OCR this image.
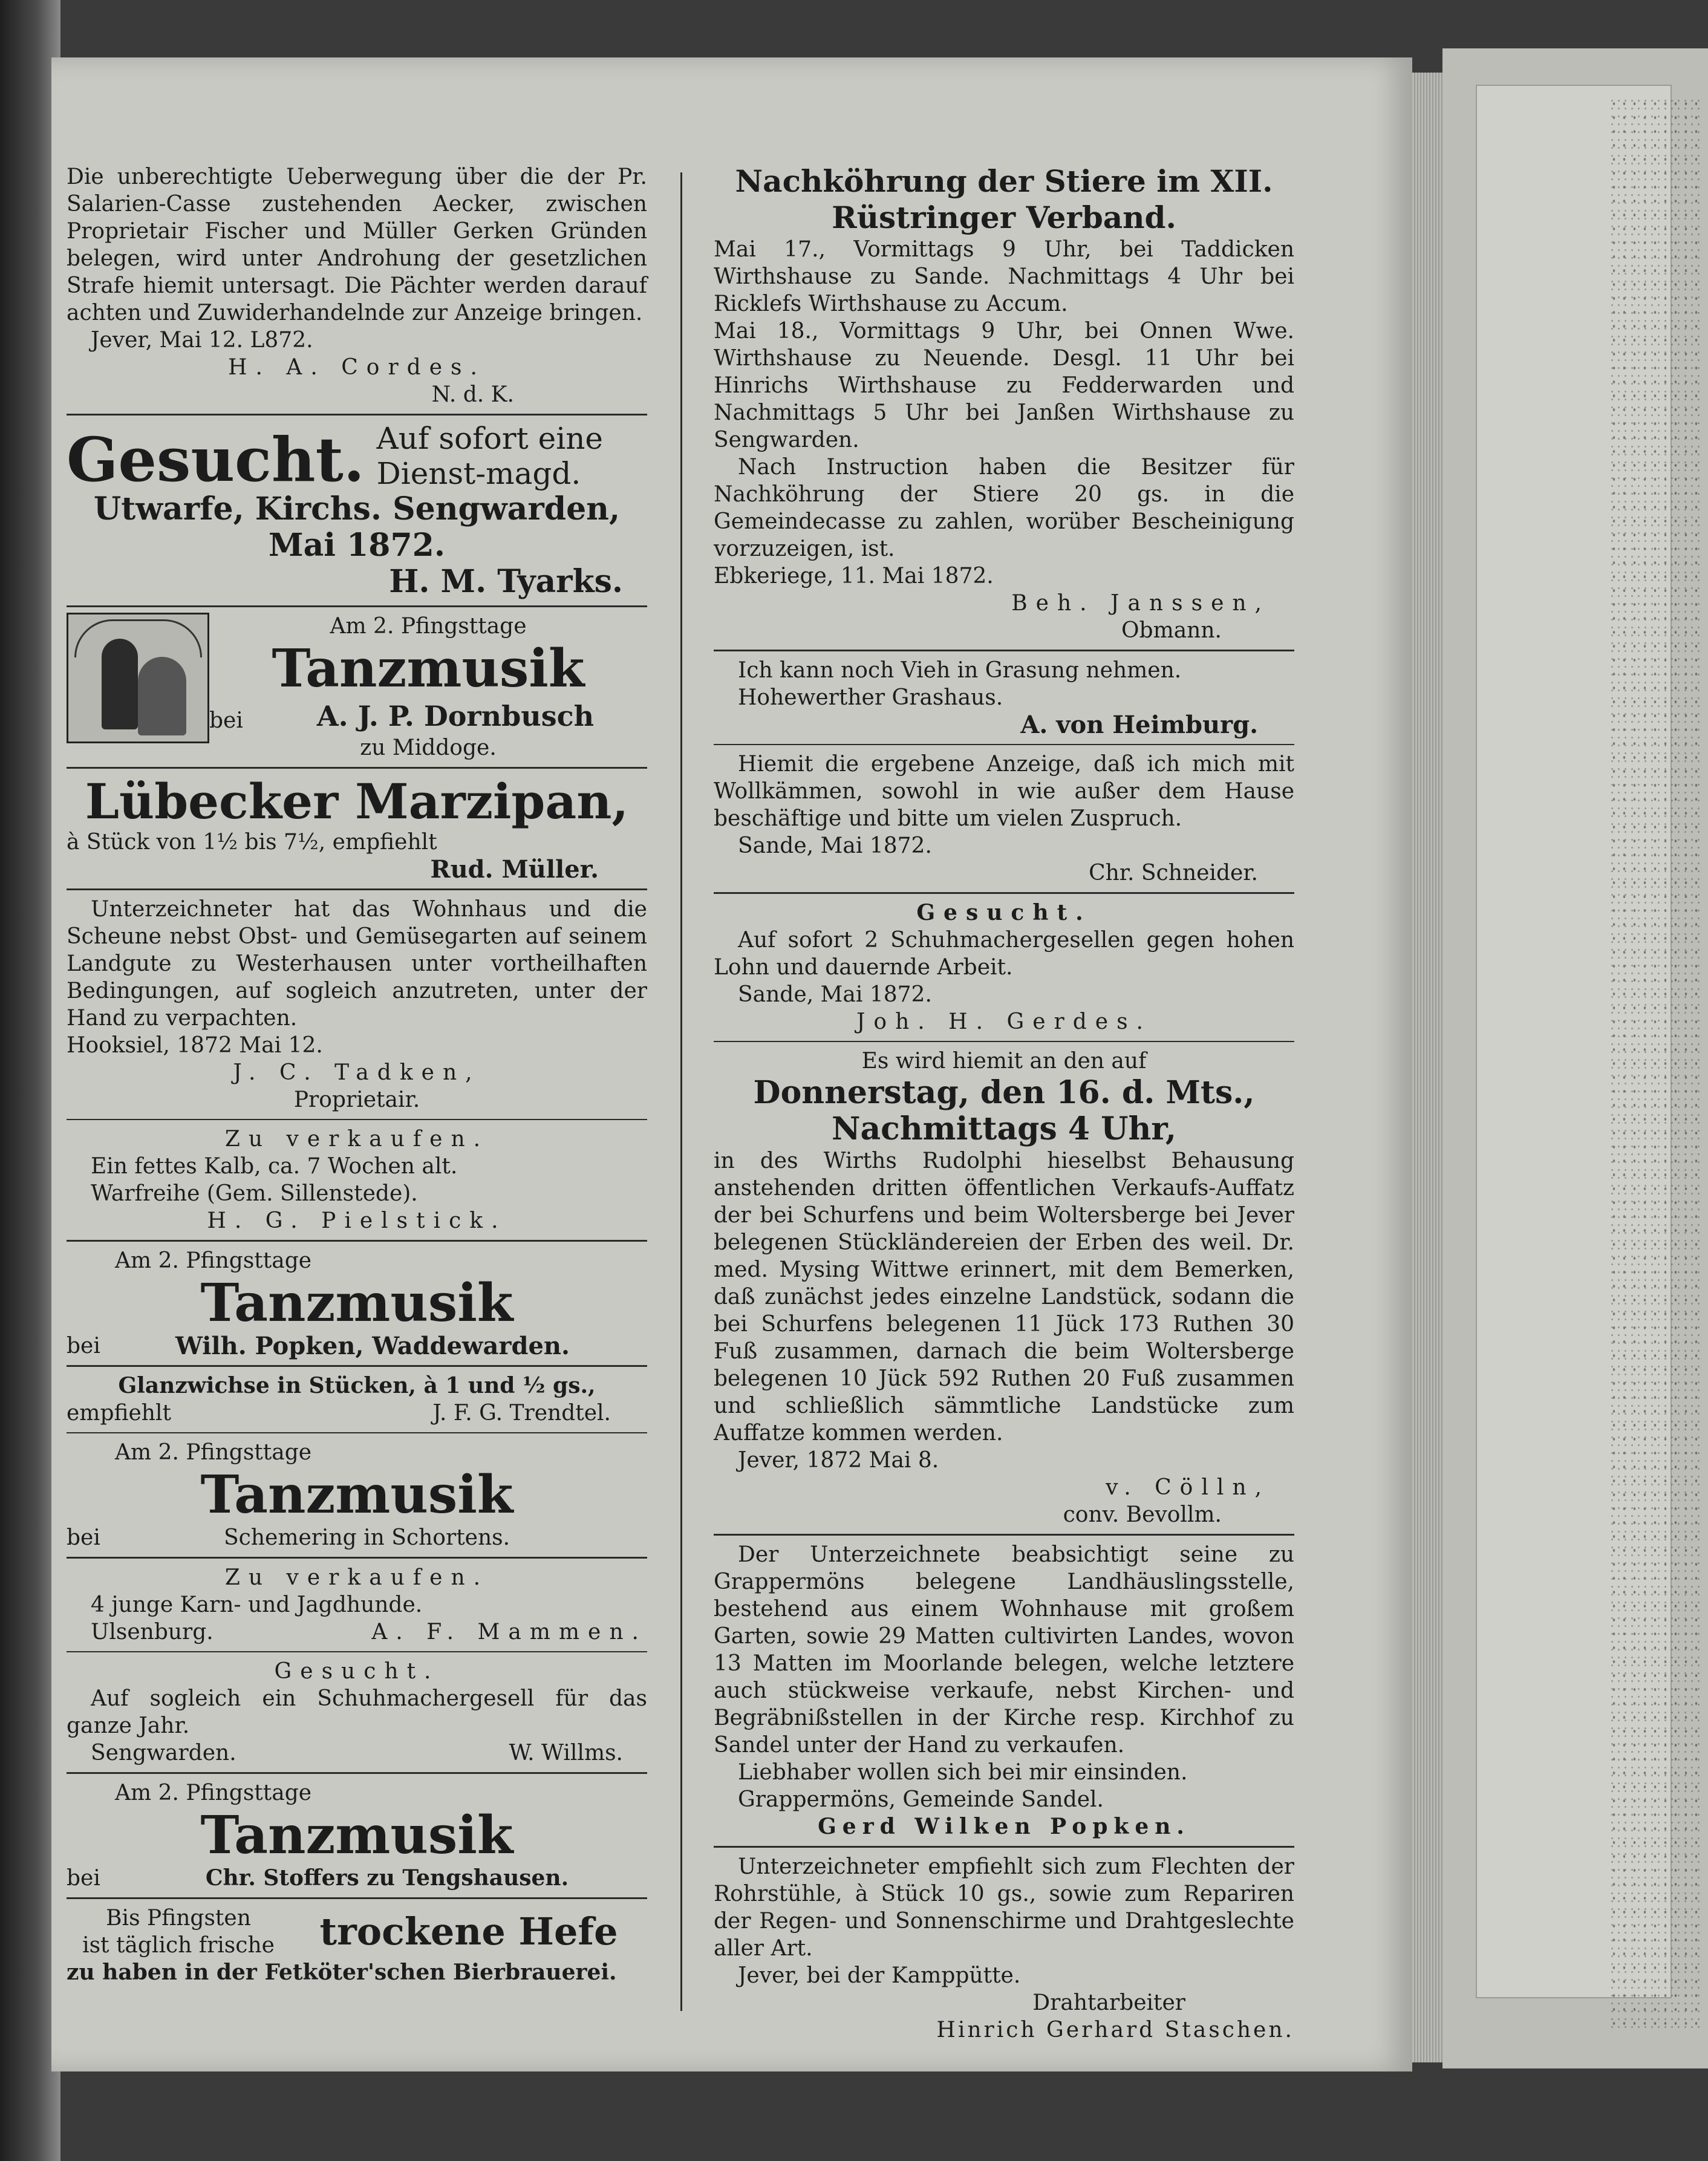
Die unberechtigte Ueberwegung über die der Pr. Salarien-Casse zustehenden Aecker, zwischen Proprietair Fischer und Müller Gerken Gründen belegen, wird unter Androhung der gesetzlichen Strafe hiemit untersagt. Die Pächter werden darauf achten und Zuwiderhandelnde zur Anzeige bringen.

Jever, Mai 12. L872.

H. A. Cordes.

N. d. K.

Gesucht. Auf sofort eine Dienst-magd.

Utwarfe, Kirchs. Sengwarden,

Mai 1872.

H. M. Tyarks.

Am 2. Pfingsttage

Tanzmusik

bei	A. J. P. Dornbusch

zu Middoge.

Lübecker Marzipan,

à Stück von 1½ bis 7½, empfiehlt

Rud. Müller.

Unterzeichneter hat das Wohnhaus und die Scheune nebst Obst- und Gemüsegarten auf seinem Landgute zu Westerhausen unter vortheilhaften Bedingungen, auf sogleich anzutreten, unter der Hand zu verpachten.

Hooksiel, 1872 Mai 12.

J. C. Tadken,

Proprietair.

Zu verkaufen.

Ein fettes Kalb, ca. 7 Wochen alt.

Warfreihe (Gem. Sillenstede).

H. G. Pielstick.

Am 2. Pfingsttage

Tanzmusik

bei	Wilh. Popken, Waddewarden.

Glanzwichse in Stücken, à 1 und ½ gs.,

empfiehlt	J. F. G. Trendtel.

Am 2. Pfingsttage

Tanzmusik

bei	Schemering in Schortens.

Zu verkaufen.

4 junge Karn- und Jagdhunde.

Ulsenburg.	A. F. Mammen.

Gesucht.

Auf sogleich ein Schuhmachergesell für das ganze Jahr.

Sengwarden.	W. Willms.

Am 2. Pfingsttage

Tanzmusik

bei	Chr. Stoffers zu Tengshausen.

Bis Pfingsten

ist täglich frische	trockene Hefe

zu haben in der Fetköter'schen Bierbrauerei.

Nachköhrung der Stiere im XII. Rüstringer Verband.

Mai 17., Vormittags 9 Uhr, bei Taddicken Wirthshause zu Sande. Nachmittags 4 Uhr bei Ricklefs Wirthshause zu Accum.

Mai 18., Vormittags 9 Uhr, bei Onnen Wwe. Wirthshause zu Neuende. Desgl. 11 Uhr bei Hinrichs Wirthshause zu Fedderwarden und Nachmittags 5 Uhr bei Janßen Wirthshause zu Sengwarden.

Nach Instruction haben die Besitzer für Nachköhrung der Stiere 20 gs. in die Gemeindecasse zu zahlen, worüber Bescheinigung vorzuzeigen, ist.

Ebkeriege, 11. Mai 1872.

Beh. Janssen,

Obmann.

Ich kann noch Vieh in Grasung nehmen.

Hohewerther Grashaus.

A. von Heimburg.

Hiemit die ergebene Anzeige, daß ich mich mit Wollkämmen, sowohl in wie außer dem Hause beschäftige und bitte um vielen Zuspruch.

Sande, Mai 1872.

Chr. Schneider.

Gesucht.

Auf sofort 2 Schuhmachergesellen gegen hohen Lohn und dauernde Arbeit.

Sande, Mai 1872.

Joh. H. Gerdes.

Es wird hiemit an den auf

Donnerstag, den 16. d. Mts.,

Nachmittags 4 Uhr,

in des Wirths Rudolphi hieselbst Behausung anstehenden dritten öffentlichen Verkaufs-Auffatz der bei Schurfens und beim Woltersberge bei Jever belegenen Stückländereien der Erben des weil. Dr. med. Mysing Wittwe erinnert, mit dem Bemerken, daß zunächst jedes einzelne Landstück, sodann die bei Schurfens belegenen 11 Jück 173 Ruthen 30 Fuß zusammen, darnach die beim Woltersberge belegenen 10 Jück 592 Ruthen 20 Fuß zusammen und schließlich sämmtliche Landstücke zum Auffatze kommen werden.

Jever, 1872 Mai 8.

v. Cölln,

conv. Bevollm.

Der Unterzeichnete beabsichtigt seine zu Grappermöns belegene Landhäuslingsstelle, bestehend aus einem Wohnhause mit großem Garten, sowie 29 Matten cultivirten Landes, wovon 13 Matten im Moorlande belegen, welche letztere auch stückweise verkaufe, nebst Kirchen- und Begräbnißstellen in der Kirche resp. Kirchhof zu Sandel unter der Hand zu verkaufen.

Liebhaber wollen sich bei mir einsinden.

Grappermöns, Gemeinde Sandel.

Gerd Wilken Popken.

Unterzeichneter empfiehlt sich zum Flechten der Rohrstühle, à Stück 10 gs., sowie zum Repariren der Regen- und Sonnenschirme und Drahtgeslechte aller Art.

Jever, bei der Kamppütte.

Drahtarbeiter

Hinrich Gerhard Staschen.
